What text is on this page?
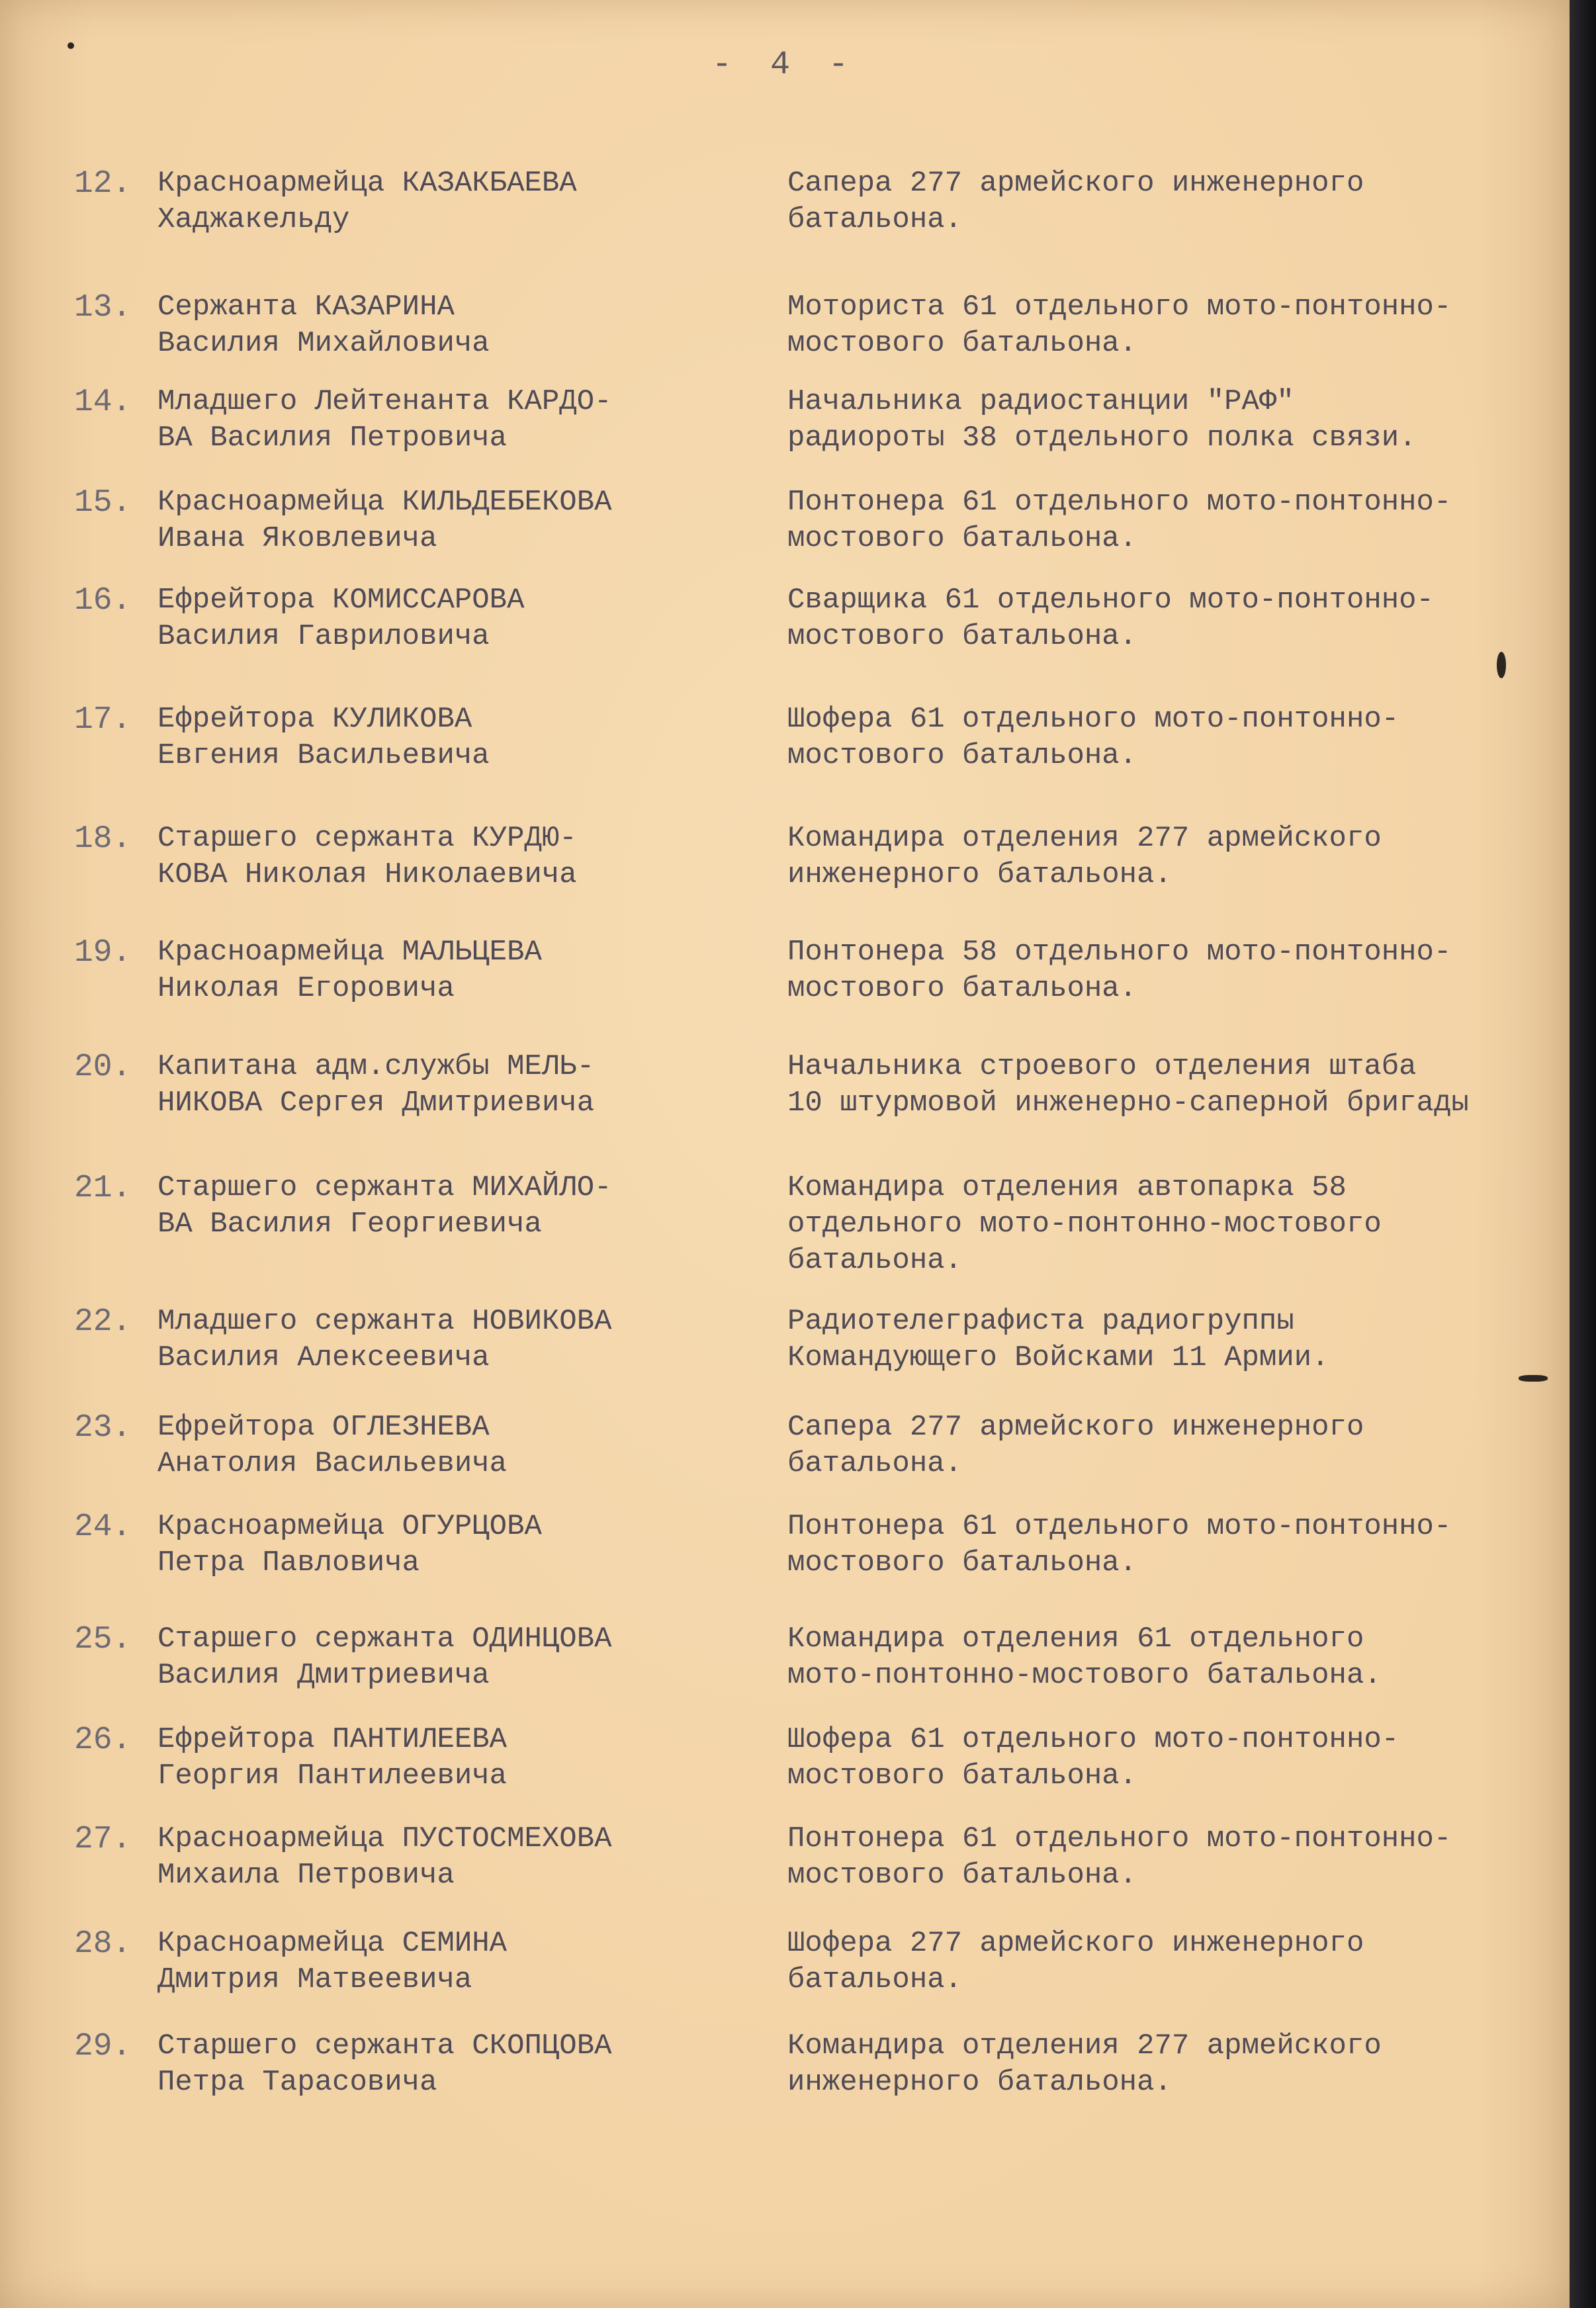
- 4 -
12. Красноармейца КАЗАКБАЕВА
Хаджакельду
Сапера 277 армейского инженерного
батальона.
13. Сержанта КАЗАРИНА
Василия Михайловича
Моториста 61 отдельного мото-понтонно-
мостового батальона.
14. Младшего Лейтенанта КАРДО-
ВА Василия Петровича
Начальника радиостанции "РАФ"
радиороты 38 отдельного полка связи.
15. Красноармейца КИЛЬДЕБЕКОВА
Ивана Яковлевича
Понтонера 61 отдельного мото-понтонно-
мостового батальона.
16. Ефрейтора КОМИССАРОВА
Василия Гавриловича
Сварщика 61 отдельного мото-понтонно-
мостового батальона.
17. Ефрейтора КУЛИКОВА
Евгения Васильевича
Шофера 61 отдельного мото-понтонно-
мостового батальона.
18. Старшего сержанта КУРДЮ-
КОВА Николая Николаевича
Командира отделения 277 армейского
инженерного батальона.
19. Красноармейца МАЛЬЦЕВА
Николая Егоровича
Понтонера 58 отдельного мото-понтонно-
мостового батальона.
20. Капитана адм.службы МЕЛЬ-
НИКОВА Сергея Дмитриевича
Начальника строевого отделения штаба
10 штурмовой инженерно-саперной бригады
21. Старшего сержанта МИХАЙЛО-
ВА Василия Георгиевича
Командира отделения автопарка 58
отдельного мото-понтонно-мостового
батальона.
22. Младшего сержанта НОВИКОВА
Василия Алексеевича
Радиотелеграфиста радиогруппы
Командующего Войсками 11 Армии.
23. Ефрейтора ОГЛЕЗНЕВА
Анатолия Васильевича
Сапера 277 армейского инженерного
батальона.
24. Красноармейца ОГУРЦОВА
Петра Павловича
Понтонера 61 отдельного мото-понтонно-
мостового батальона.
25. Старшего сержанта ОДИНЦОВА
Василия Дмитриевича
Командира отделения 61 отдельного
мото-понтонно-мостового батальона.
26. Ефрейтора ПАНТИЛЕЕВА
Георгия Пантилеевича
Шофера 61 отдельного мото-понтонно-
мостового батальона.
27. Красноармейца ПУСТОСМЕХОВА
Михаила Петровича
Понтонера 61 отдельного мото-понтонно-
мостового батальона.
28. Красноармейца СЕМИНА
Дмитрия Матвеевича
Шофера 277 армейского инженерного
батальона.
29. Старшего сержанта СКОПЦОВА
Петра Тарасовича
Командира отделения 277 армейского
инженерного батальона.
